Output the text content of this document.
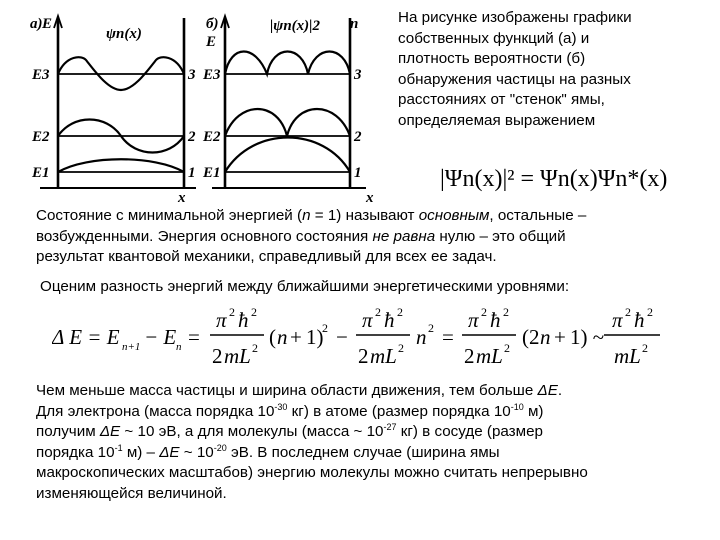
а) E
ψn(x)
E3
E2
E1
3
2
1
x
б)
E
|ψn(x)|2 n
E3
E2
E1
3
2
1
x
На рисунке изображены графики
собственных функций (а) и
плотность вероятности (б)
обнаружения частицы на разных
расстояниях от "стенок" ямы,
определяемая выражением
|Ψn(x)|² = Ψn(x)Ψn*(x)
Состояние с минимальной энергией (n = 1) называют основным, остальные –
возбужденными. Энергия основного состояния не равна нулю – это общий
результат квантовой механики, справедливый для всех ее задач.
Оценим разность энергий между ближайшими энергетическими уровнями:
Δ E = E n+1 − E n =
π 2 ħ 2
2 mL 2 ( n + 1)
2 −
π 2 ħ 2
2 mL 2 n 2 =
π 2 ħ 2
2 mL 2 (2 n + 1) ~
π 2 ħ 2
mL 2
Чем меньше масса частицы и ширина области движения, тем больше ΔE.
Для электрона (масса порядка $10^{-30}$ кг) в атоме (размер порядка $10^{-10}$ м)
получим ΔE ~ 10 эВ, а для молекулы (масса ~ $10^{-27}$ кг) в сосуде (размер
порядка $10^{-1}$ м) – ΔE ~ $10^{-20}$ эВ. В последнем случае (ширина ямы
макроскопических масштабов) энергию молекулы можно считать непрерывно
изменяющейся величиной.
